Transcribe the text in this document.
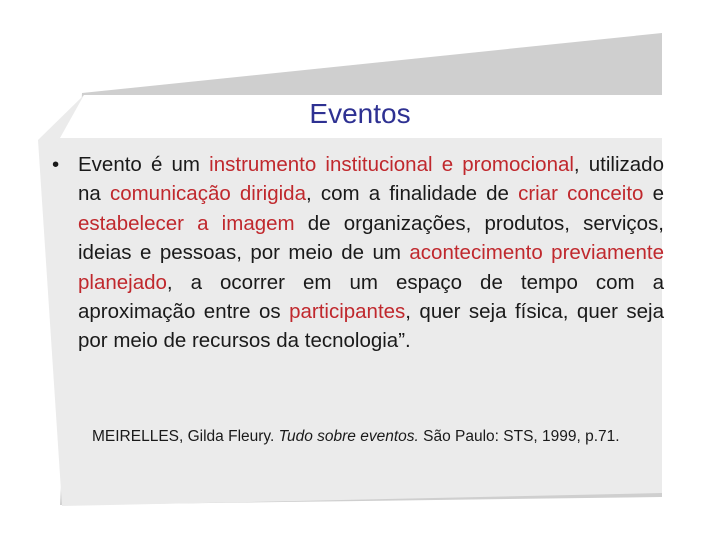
Eventos
• Evento é um instrumento institucional e promocional, utilizado na comunicação dirigida, com a finalidade de criar conceito e estabelecer a imagem de organizações, produtos, serviços, ideias e pessoas, por meio de um acontecimento previamente planejado, a ocorrer em um espaço de tempo com a aproximação entre os participantes, quer seja física, quer seja por meio de recursos da tecnologia”.
MEIRELLES, Gilda Fleury. Tudo sobre eventos. São Paulo: STS, 1999, p.71.
